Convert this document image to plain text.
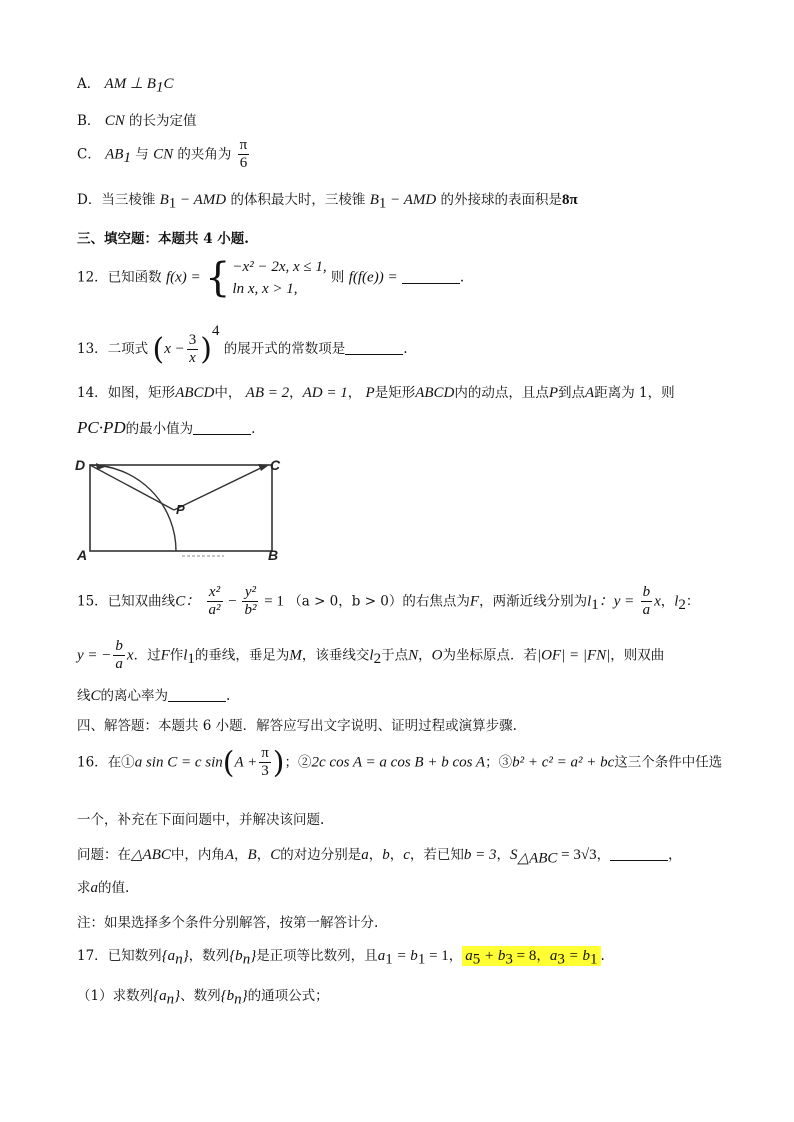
A． AM ⊥ $B_1C$
B． CN 的长为定值
C． $AB_1$ 与 CN 的夹角为 $\frac{\pi}{6}$
D．当三棱锥 $B_1$ − AMD 的体积最大时，三棱锥 $B_1$ − AMD 的外接球的表面积是8π
三、填空题：本题共 4 小题.
12．已知函数 f(x) = { −x² − 2x, x ≤ 1,
ln x, x > 1,
则 f(f(e)) =	.
13．二项式 $(x - \frac{3}{x} )^4$ 的展开式的常数项是	.
14．如图，矩形ABCD中， AB = 2，AD = 1， P是矩形ABCD内的动点，且点P到点A距离为 1，则
PC·PD的最小值为	.
D	C
P
A	B
15．已知双曲线C： $\frac{\text{x²}}{\text{a²}} - \frac{\text{y²}}{\text{b²}} = 1$ （a > 0，b > 0）的右焦点为F，两渐近线分别为$l_1$：$y = \frac{b}{a}$ x，$l_2$：
y = − $\frac{b}{a}$ x．过F作$l_1$的垂线，垂足为M，该垂线交$l_2$于点N，O为坐标原点．若|OF| = |FN|，则双曲
线C的离心率为	.
四、解答题：本题共 6 小题．解答应写出文字说明、证明过程或演算步骤.
16．在①a sin C = c $\sin(A + \frac{\pi}{3}$ )；②2c cos A = a cos B + b cos A；③b² + c² = a² + bc这三个条件中任选
一个，补充在下面问题中，并解决该问题.
问题：在△ABC中，内角A，B，C的对边分别是a，b，c，若已知b = 3，$S_{\triangle ABC} = 3√3$，	，
求a的值.
注：如果选择多个条件分别解答，按第一解答计分.
17．已知数列$\{a_n\}$，数列$\{b_n\}$是正项等比数列，且$a_1 = b_1 = 1$， $a_5 + b_3 = 8$，$a_3 = b_1$ .
（1）求数列$\{a_n\}$、数列$\{b_n\}$的通项公式；
